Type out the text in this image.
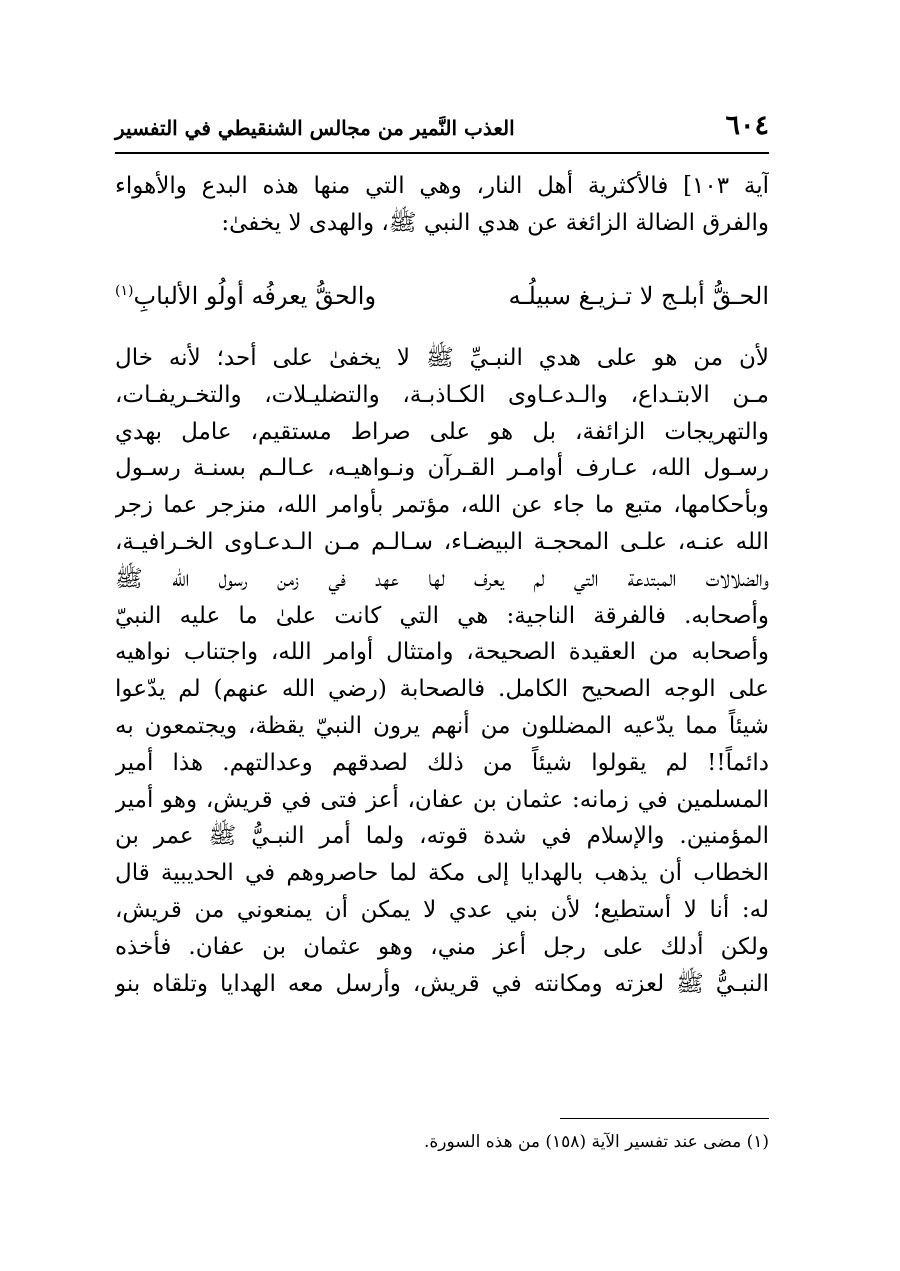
٦٠٤
العذب النَّمير من مجالس الشنقيطي في التفسير
آية ١٠٣] فالأكثرية أهل النار، وهي التي منها هذه البدع والأهواء
والفرق الضالة الزائغة عن هدي النبي ﷺ، والهدى لا يخفىٰ:
الحـقُّ أبلـج لا تـزيـغ سبيلُـه
والحقُّ يعرفُه أولُو الألبابِ$^{(١)}$
لأن من هو على هدي النبـيِّ ﷺ لا يخفىٰ على أحد؛ لأنه خال
مـن الابتـداع، والـدعـاوى الكـاذبـة، والتضليـلات، والتخـريفـات،
والتهريجات الزائفة، بل هو على صراط مستقيم، عامل بهدي
رسـول الله، عـارف أوامـر القـرآن ونـواهيـه، عـالـم بسنـة رسـول
وبأحكامها، متبع ما جاء عن الله، مؤتمر بأوامر الله، منزجر عما زجر
الله عنـه، علـى المحجـة البيضـاء، سـالـم مـن الـدعـاوى الخـرافيـة،
والضلالات المبتدعة التي لم يعرف لها عهد في زمن رسول الله ﷺ
وأصحابه. فالفرقة الناجية: هي التي كانت علىٰ ما عليه النبيّ
وأصحابه من العقيدة الصحيحة، وامتثال أوامر الله، واجتناب نواهيه
على الوجه الصحيح الكامل. فالصحابة (رضي الله عنهم) لم يدّعوا
شيئاً مما يدّعيه المضللون من أنهم يرون النبيّ يقظة، ويجتمعون به
دائماً!! لم يقولوا شيئاً من ذلك لصدقهم وعدالتهم. هذا أمير
المسلمين في زمانه: عثمان بن عفان، أعز فتى في قريش، وهو أمير
المؤمنين. والإسلام في شدة قوته، ولما أمر النبـيُّ ﷺ عمر بن
الخطاب أن يذهب بالهدايا إلى مكة لما حاصروهم في الحديبية قال
له: أنا لا أستطيع؛ لأن بني عدي لا يمكن أن يمنعوني من قريش،
ولكن أدلك على رجل أعز مني، وهو عثمان بن عفان. فأخذه
النبـيُّ ﷺ لعزته ومكانته في قريش، وأرسل معه الهدايا وتلقاه بنو
(١) مضى عند تفسير الآية (١٥٨) من هذه السورة.
